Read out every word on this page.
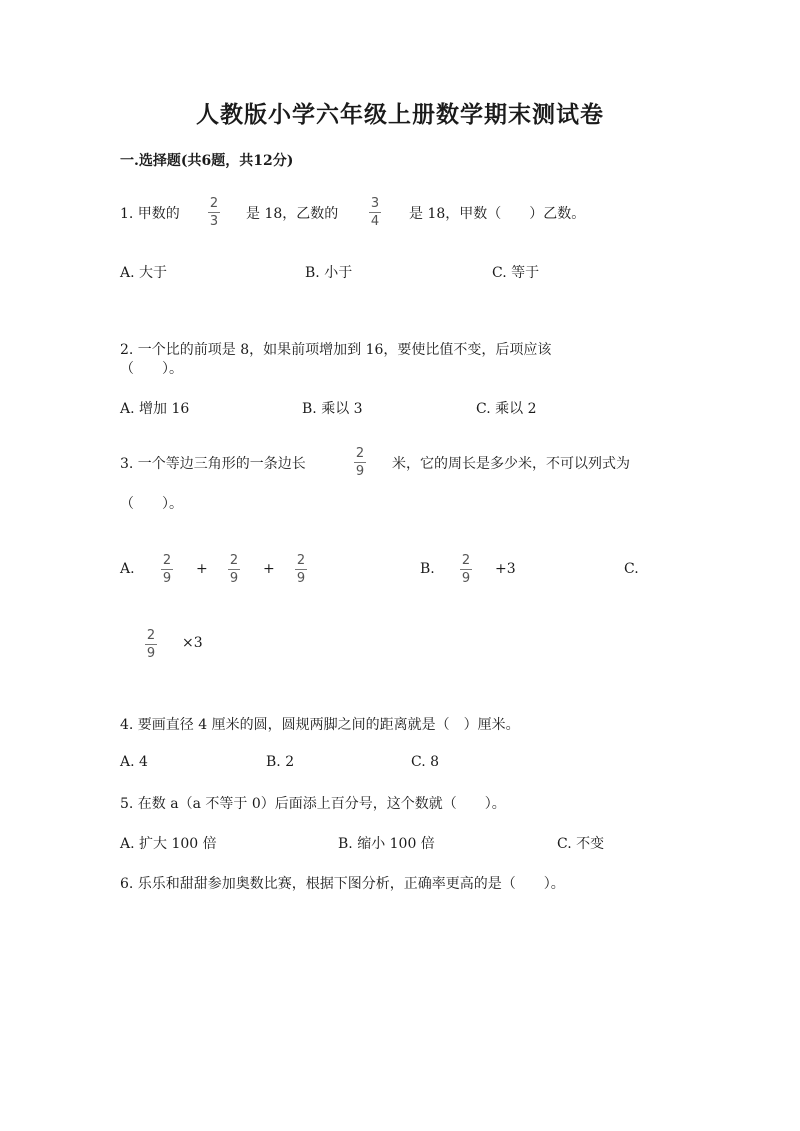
人教版小学六年级上册数学期末测试卷
一.选择题(共6题，共12分)
1. 甲数的
2
3 是 18，乙数的
3
4 是 18，甲数（　　）乙数。
A. 大于	B. 小于	C. 等于
2. 一个比的前项是 8，如果前项增加到 16，要使比值不变，后项应该
（　　）。
A. 增加 16	B. 乘以 3	C. 乘以 2
3. 一个等边三角形的一条边长
2
9 米，它的周长是多少米，不可以列式为
（　　）。
A.
2
9
+
2
9
+
2
9
B.
2
9
+3	C.
2
9
×3
4. 要画直径 4 厘米的圆，圆规两脚之间的距离就是（　）厘米。
A. 4	B. 2	C. 8
5. 在数 a（a 不等于 0）后面添上百分号，这个数就（　　）。
A. 扩大 100 倍	B. 缩小 100 倍	C. 不变
6. 乐乐和甜甜参加奥数比赛，根据下图分析，正确率更高的是（　　）。
